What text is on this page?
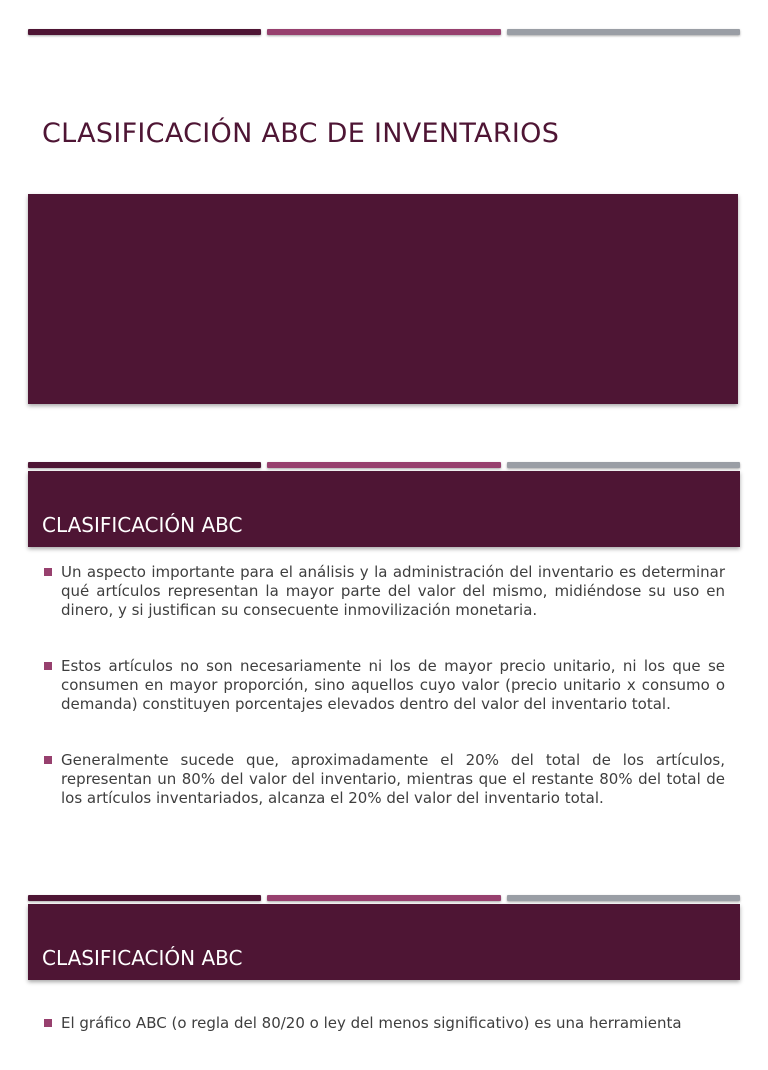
CLASIFICACIÓN ABC DE INVENTARIOS
CLASIFICACIÓN ABC
Un aspecto importante para el análisis y la administración del inventario es determinar qué artículos representan la mayor parte del valor del mismo, midiéndose su uso en dinero, y si justifican su consecuente inmovilización monetaria.
Estos artículos no son necesariamente ni los de mayor precio unitario, ni los que se consumen en mayor proporción, sino aquellos cuyo valor (precio unitario x consumo o demanda) constituyen porcentajes elevados dentro del valor del inventario total.
Generalmente sucede que, aproximadamente el 20% del total de los artículos, representan un 80% del valor del inventario, mientras que el restante 80% del total de los artículos inventariados, alcanza el 20% del valor del inventario total.
CLASIFICACIÓN ABC
El gráfico ABC (o regla del 80/20 o ley del menos significativo) es una herramienta
